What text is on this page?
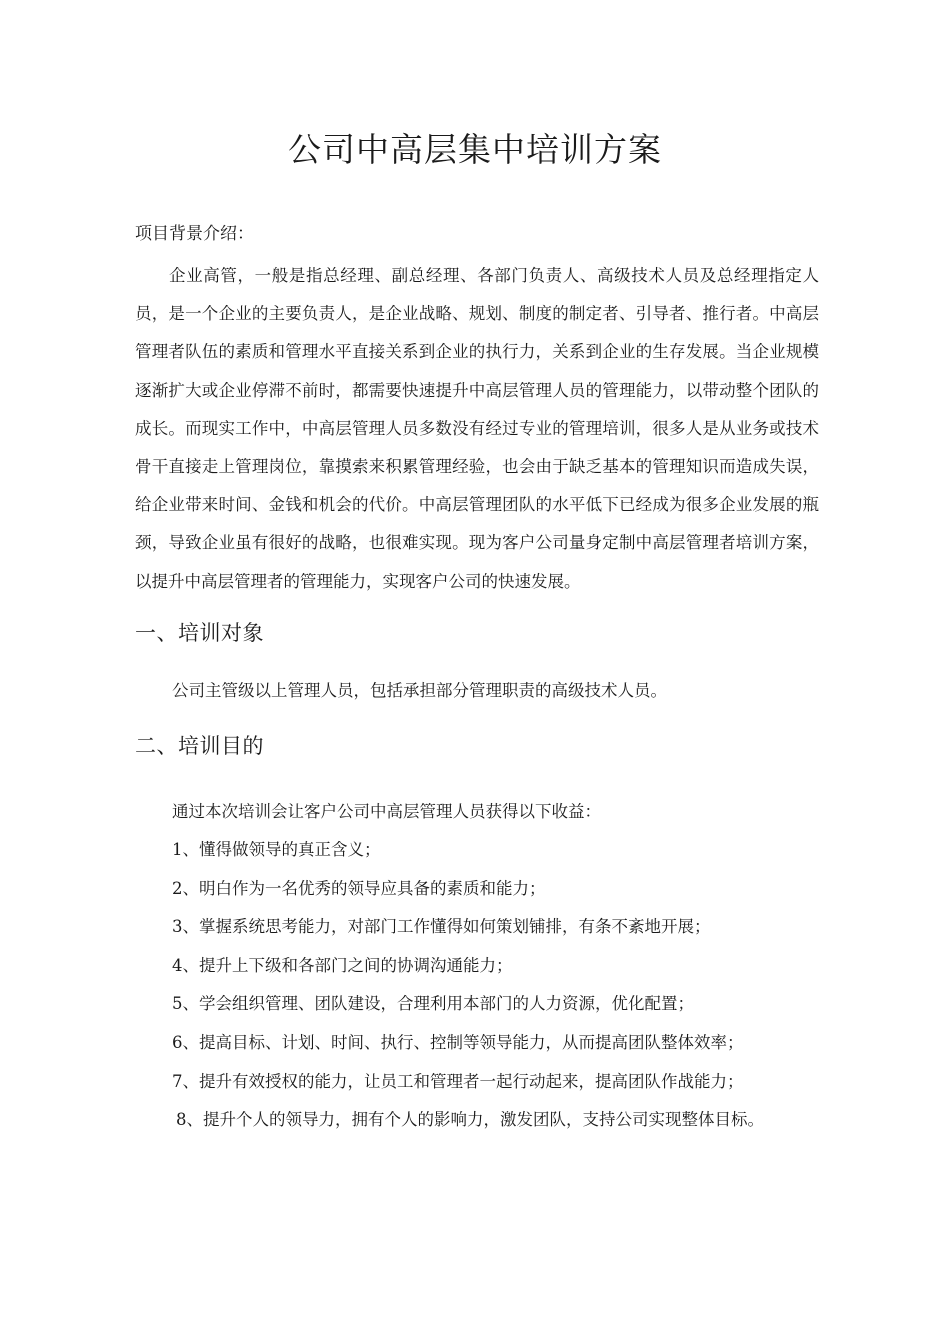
公司中高层集中培训方案
项目背景介绍：

企业高管，一般是指总经理、副总经理、各部门负责人、高级技术人员及总经理指定人员，是一个企业的主要负责人，是企业战略、规划、制度的制定者、引导者、推行者。中高层管理者队伍的素质和管理水平直接关系到企业的执行力，关系到企业的生存发展。当企业规模逐渐扩大或企业停滞不前时，都需要快速提升中高层管理人员的管理能力，以带动整个团队的成长。而现实工作中，中高层管理人员多数没有经过专业的管理培训，很多人是从业务或技术骨干直接走上管理岗位，靠摸索来积累管理经验，也会由于缺乏基本的管理知识而造成失误，给企业带来时间、金钱和机会的代价。中高层管理团队的水平低下已经成为很多企业发展的瓶颈，导致企业虽有很好的战略，也很难实现。现为客户公司量身定制中高层管理者培训方案，以提升中高层管理者的管理能力，实现客户公司的快速发展。

一、培训对象
公司主管级以上管理人员，包括承担部分管理职责的高级技术人员。
二、培训目的
通过本次培训会让客户公司中高层管理人员获得以下收益：
1、懂得做领导的真正含义；
2、明白作为一名优秀的领导应具备的素质和能力；
3、掌握系统思考能力，对部门工作懂得如何策划铺排，有条不紊地开展；
4、提升上下级和各部门之间的协调沟通能力；
5、学会组织管理、团队建设，合理利用本部门的人力资源，优化配置；
6、提高目标、计划、时间、执行、控制等领导能力，从而提高团队整体效率；
7、提升有效授权的能力，让员工和管理者一起行动起来，提高团队作战能力；
8、提升个人的领导力，拥有个人的影响力，激发团队，支持公司实现整体目标。
